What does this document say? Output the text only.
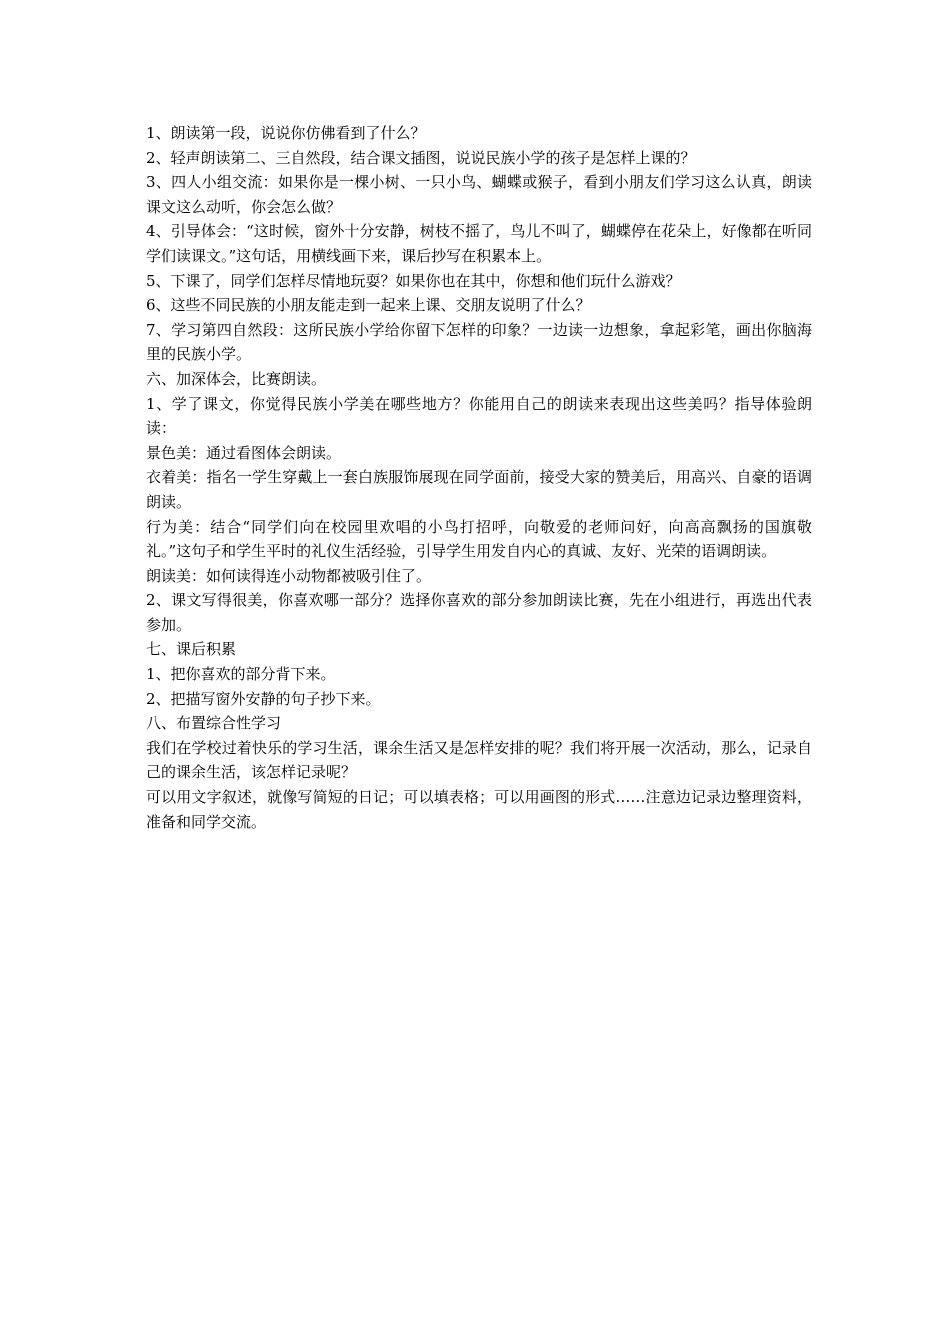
1、朗读第一段，说说你仿佛看到了什么？

2、轻声朗读第二、三自然段，结合课文插图，说说民族小学的孩子是怎样上课的？

3、四人小组交流：如果你是一棵小树、一只小鸟、蝴蝶或猴子，看到小朋友们学习这么认真，朗读课文这么动听，你会怎么做？

4、引导体会：“这时候，窗外十分安静，树枝不摇了，鸟儿不叫了，蝴蝶停在花朵上，好像都在听同学们读课文。”这句话，用横线画下来，课后抄写在积累本上。

5、下课了，同学们怎样尽情地玩耍？如果你也在其中，你想和他们玩什么游戏？

6、这些不同民族的小朋友能走到一起来上课、交朋友说明了什么？

7、学习第四自然段：这所民族小学给你留下怎样的印象？一边读一边想象，拿起彩笔，画出你脑海里的民族小学。

六、加深体会，比赛朗读。

1、学了课文，你觉得民族小学美在哪些地方？你能用自己的朗读来表现出这些美吗？指导体验朗读：

景色美：通过看图体会朗读。

衣着美：指名一学生穿戴上一套白族服饰展现在同学面前，接受大家的赞美后，用高兴、自豪的语调朗读。

行为美：结合“同学们向在校园里欢唱的小鸟打招呼，向敬爱的老师问好，向高高飘扬的国旗敬礼。”这句子和学生平时的礼仪生活经验，引导学生用发自内心的真诚、友好、光荣的语调朗读。

朗读美：如何读得连小动物都被吸引住了。

2、课文写得很美，你喜欢哪一部分？选择你喜欢的部分参加朗读比赛，先在小组进行，再选出代表参加。

七、课后积累

1、把你喜欢的部分背下来。

2、把描写窗外安静的句子抄下来。

八、布置综合性学习

我们在学校过着快乐的学习生活，课余生活又是怎样安排的呢？我们将开展一次活动，那么，记录自己的课余生活，该怎样记录呢？

可以用文字叙述，就像写简短的日记；可以填表格；可以用画图的形式……注意边记录边整理资料，准备和同学交流。
